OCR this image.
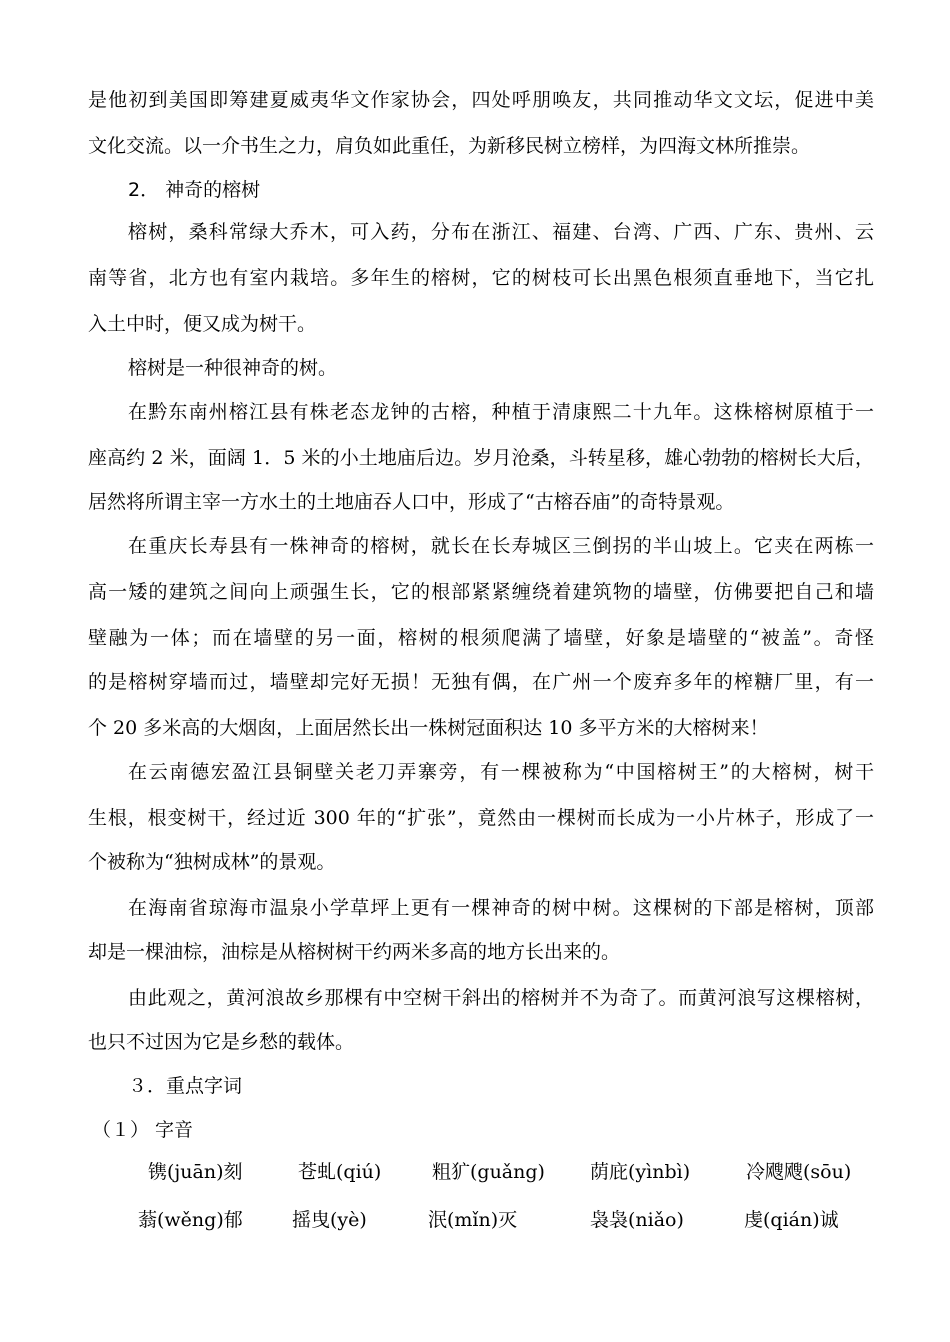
是他初到美国即筹建夏威夷华文作家协会，四处呼朋唤友，共同推动华文文坛，促进中美
文化交流。以一介书生之力，肩负如此重任，为新移民树立榜样，为四海文林所推崇。
2． 神奇的榕树
榕树，桑科常绿大乔木，可入药，分布在浙江、福建、台湾、广西、广东、贵州、云
南等省，北方也有室内栽培。多年生的榕树，它的树枝可长出黑色根须直垂地下，当它扎
入土中时，便又成为树干。
榕树是一种很神奇的树。
在黔东南州榕江县有株老态龙钟的古榕，种植于清康熙二十九年。这株榕树原植于一
座高约 2 米，面阔 1．5 米的小土地庙后边。岁月沧桑，斗转星移，雄心勃勃的榕树长大后，
居然将所谓主宰一方水土的土地庙吞人口中，形成了“古榕吞庙”的奇特景观。
在重庆长寿县有一株神奇的榕树，就长在长寿城区三倒拐的半山坡上。它夹在两栋一
高一矮的建筑之间向上顽强生长，它的根部紧紧缠绕着建筑物的墙壁，仿佛要把自己和墙
壁融为一体；而在墙壁的另一面，榕树的根须爬满了墙壁，好象是墙壁的“被盖”。奇怪
的是榕树穿墙而过，墙壁却完好无损！无独有偶，在广州一个废弃多年的榨糖厂里，有一
个 20 多米高的大烟囱，上面居然长出一株树冠面积达 10 多平方米的大榕树来！
在云南德宏盈江县铜壁关老刀弄寨旁，有一棵被称为“中国榕树王”的大榕树，树干
生根，根变树干，经过近 300 年的“扩张”，竟然由一棵树而长成为一小片林子，形成了一
个被称为“独树成林”的景观。
在海南省琼海市温泉小学草坪上更有一棵神奇的树中树。这棵树的下部是榕树，顶部
却是一棵油棕，油棕是从榕树树干约两米多高的地方长出来的。
由此观之，黄河浪故乡那棵有中空树干斜出的榕树并不为奇了。而黄河浪写这棵榕树，
也只不过因为它是乡愁的载体。
３．重点字词
（１） 字音
镌(juān)刻	苍虬(qiú)	粗犷(guǎng) 荫庇(yìnbì)	冷飕飕(sōu)
蓊(wěng)郁	摇曳(yè)	泯(mǐn)灭	袅袅(niǎo)	虔(qián)诚
